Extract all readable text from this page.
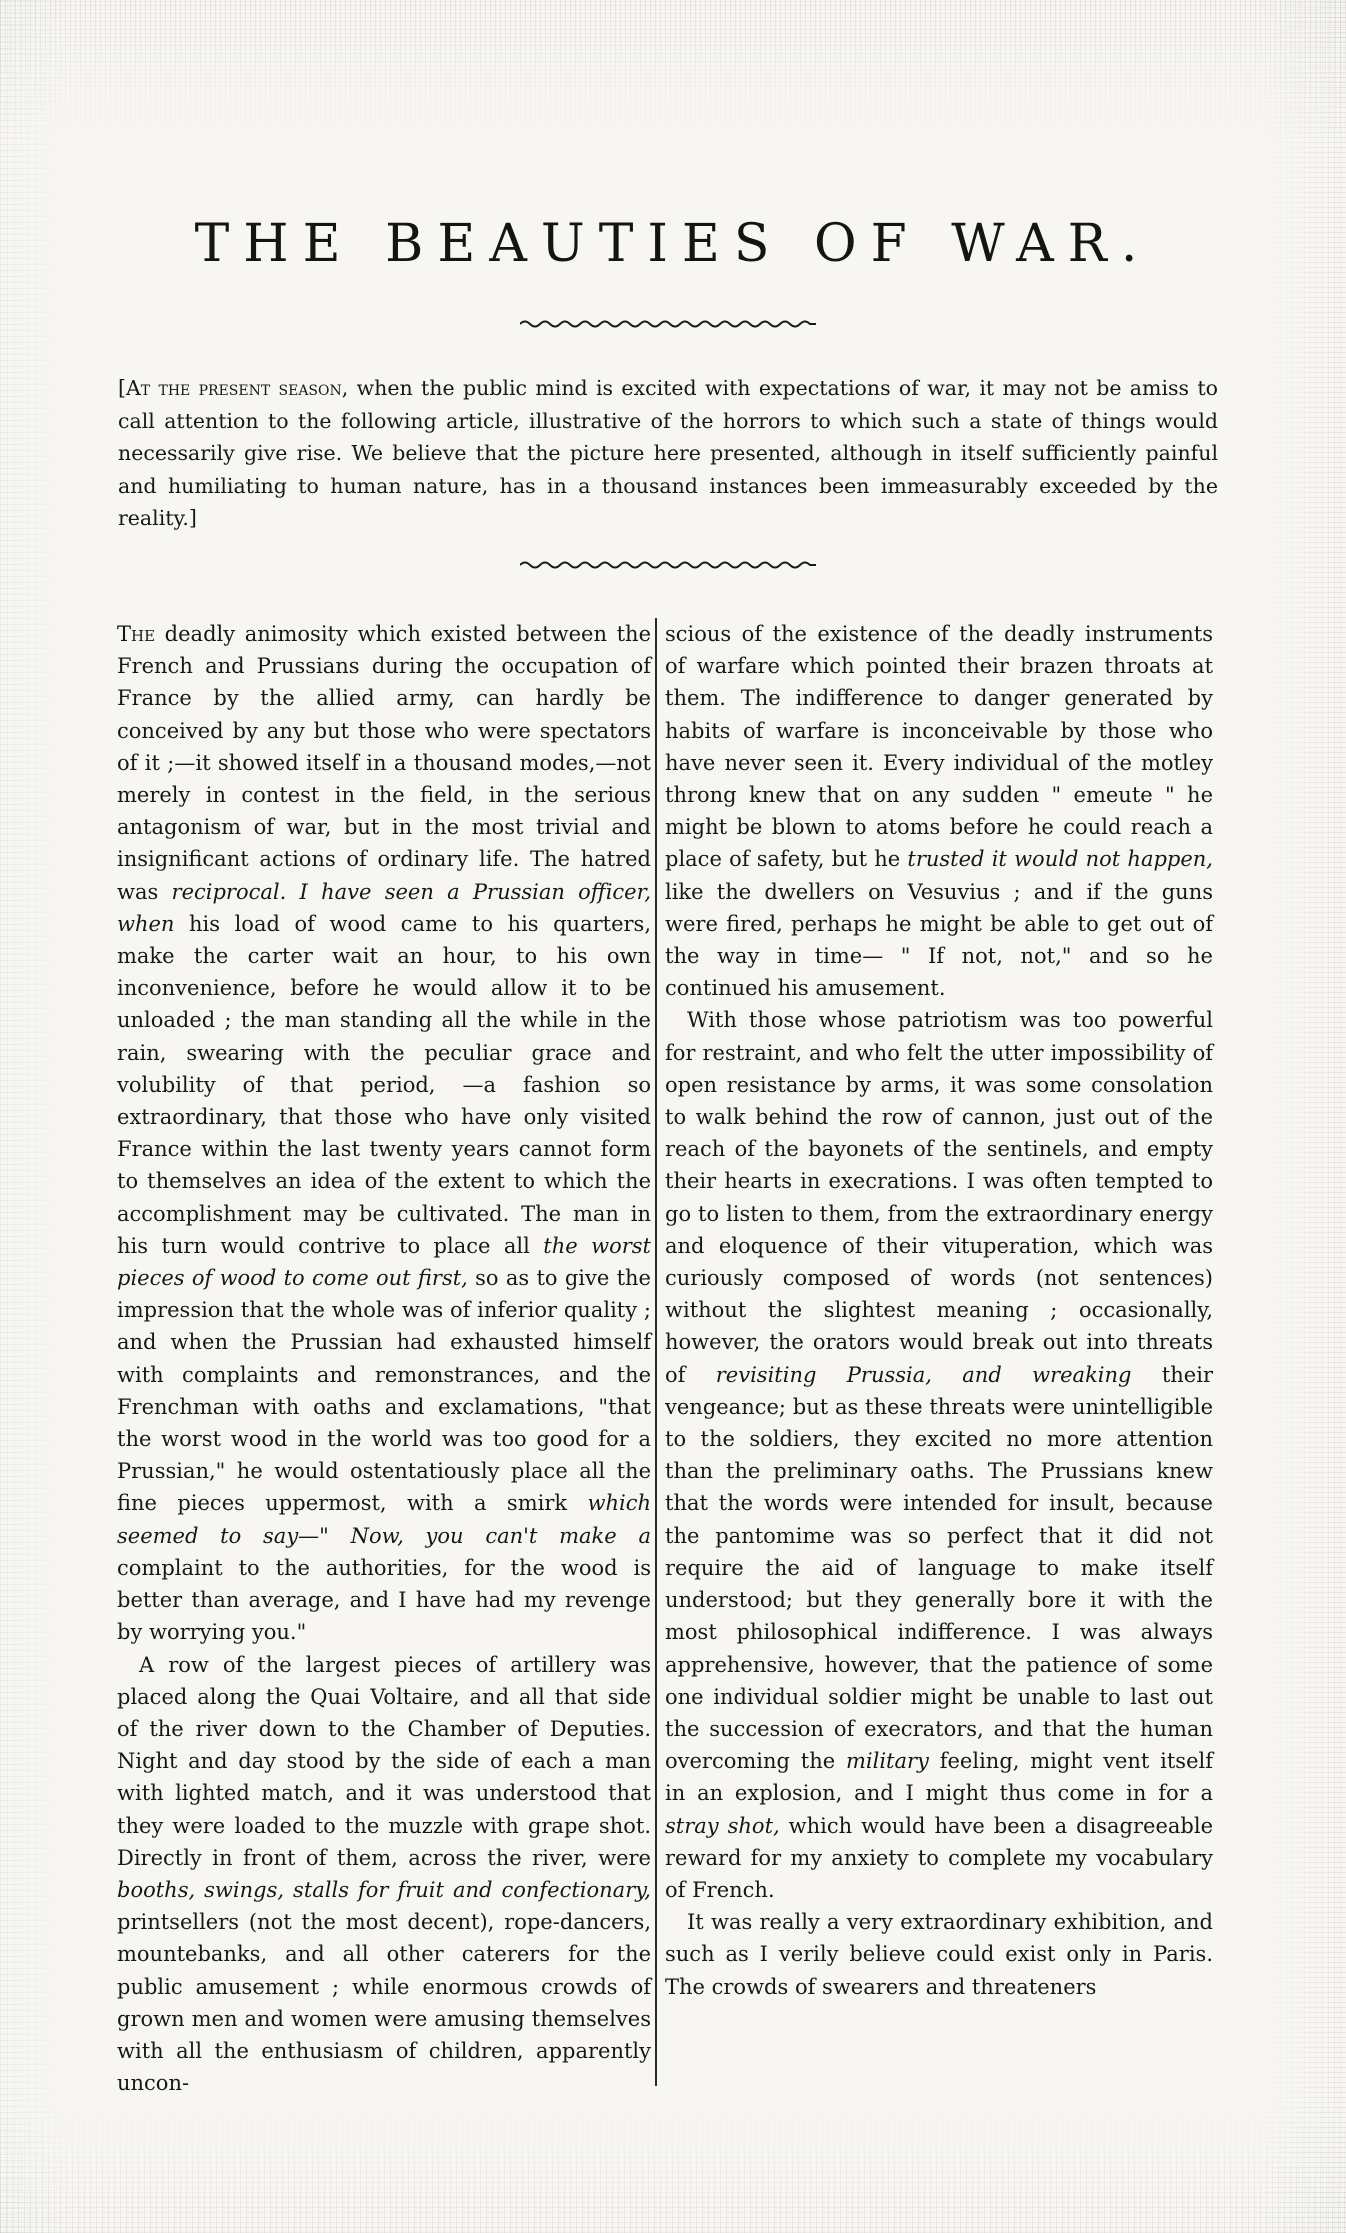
THE BEAUTIES OF WAR.

[At the present season, when the public mind is excited with expectations of war, it may not be amiss to call attention to the following article, illustrative of the horrors to which such a state of things would necessarily give rise. We believe that the picture here presented, although in itself sufficiently painful and humiliating to human nature, has in a thousand instances been immeasurably exceeded by the reality.]

The deadly animosity which existed between the French and Prussians during the occupation of France by the allied army, can hardly be conceived by any but those who were spectators of it ;—it showed itself in a thousand modes,—not merely in contest in the field, in the serious antagonism of war, but in the most trivial and insignificant actions of ordinary life. The hatred was reciprocal. I have seen a Prussian officer, when his load of wood came to his quarters, make the carter wait an hour, to his own inconvenience, before he would allow it to be unloaded ; the man standing all the while in the rain, swearing with the peculiar grace and volubility of that period, —a fashion so extraordinary, that those who have only visited France within the last twenty years cannot form to themselves an idea of the extent to which the accomplishment may be cultivated. The man in his turn would contrive to place all the worst pieces of wood to come out first, so as to give the impression that the whole was of inferior quality ; and when the Prussian had exhausted himself with complaints and remonstrances, and the Frenchman with oaths and exclamations, "that the worst wood in the world was too good for a Prussian," he would ostentatiously place all the fine pieces uppermost, with a smirk which seemed to say—" Now, you can't make a complaint to the authorities, for the wood is better than average, and I have had my revenge by worrying you."

A row of the largest pieces of artillery was placed along the Quai Voltaire, and all that side of the river down to the Chamber of Deputies. Night and day stood by the side of each a man with lighted match, and it was understood that they were loaded to the muzzle with grape shot. Directly in front of them, across the river, were booths, swings, stalls for fruit and confectionary, printsellers (not the most decent), rope-dancers, mountebanks, and all other caterers for the public amusement ; while enormous crowds of grown men and women were amusing themselves with all the enthusiasm of children, apparently uncon-

scious of the existence of the deadly instruments of warfare which pointed their brazen throats at them. The indifference to danger generated by habits of warfare is inconceivable by those who have never seen it. Every individual of the motley throng knew that on any sudden " emeute " he might be blown to atoms before he could reach a place of safety, but he trusted it would not happen, like the dwellers on Vesuvius ; and if the guns were fired, perhaps he might be able to get out of the way in time— " If not, not," and so he continued his amusement.

With those whose patriotism was too powerful for restraint, and who felt the utter impossibility of open resistance by arms, it was some consolation to walk behind the row of cannon, just out of the reach of the bayonets of the sentinels, and empty their hearts in execrations. I was often tempted to go to listen to them, from the extraordinary energy and eloquence of their vituperation, which was curiously composed of words (not sentences) without the slightest meaning ; occasionally, however, the orators would break out into threats of revisiting Prussia, and wreaking their vengeance; but as these threats were unintelligible to the soldiers, they excited no more attention than the preliminary oaths. The Prussians knew that the words were intended for insult, because the pantomime was so perfect that it did not require the aid of language to make itself understood; but they generally bore it with the most philosophical indifference. I was always apprehensive, however, that the patience of some one individual soldier might be unable to last out the succession of execrators, and that the human overcoming the military feeling, might vent itself in an explosion, and I might thus come in for a stray shot, which would have been a disagreeable reward for my anxiety to complete my vocabulary of French.

It was really a very extraordinary exhibition, and such as I verily believe could exist only in Paris. The crowds of swearers and threateners
